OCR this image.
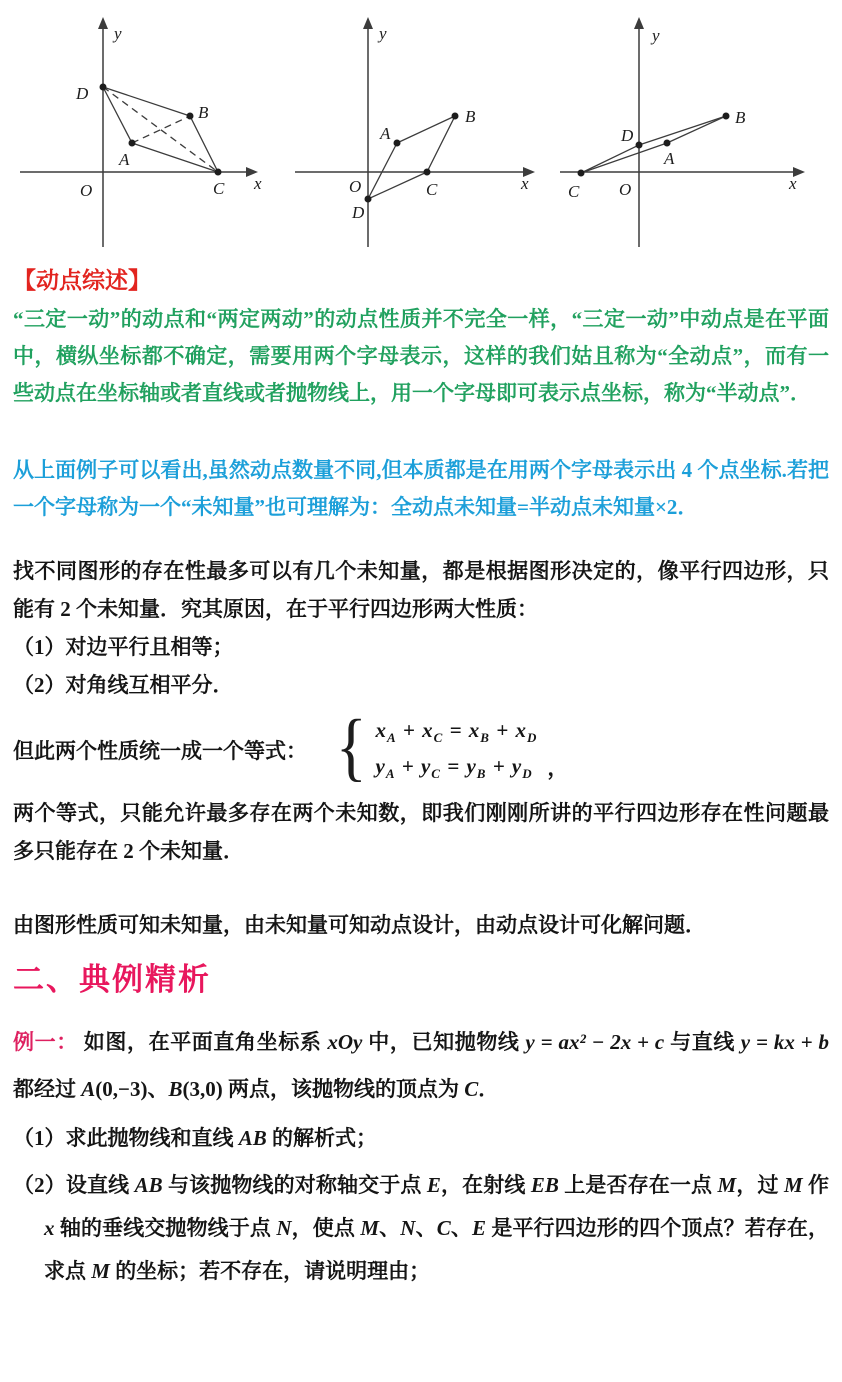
y
x
O
D
B
A
C
y
x
O
A
B
C
D
y
x
O
C
D
A
B

【动点综述】

“三定一动”的动点和“两定两动”的动点性质并不完全一样，“三定一动”中动点是在平面中，横纵坐标都不确定，需要用两个字母表示，这样的我们姑且称为“全动点”，而有一些动点在坐标轴或者直线或者抛物线上，用一个字母即可表示点坐标，称为“半动点”．

从上面例子可以看出,虽然动点数量不同,但本质都是在用两个字母表示出 4 个点坐标.若把一个字母称为一个“未知量”也可理解为：全动点未知量=半动点未知量×2．

找不同图形的存在性最多可以有几个未知量，都是根据图形决定的，像平行四边形，只能有 2 个未知量．究其原因，在于平行四边形两大性质：

（1）对边平行且相等；

（2）对角线互相平分．

但此两个性质统一成一个等式： { $x_A + x_C = x_B + x_D$
$y_A + y_C = y_B + y_D$ ，

两个等式，只能允许最多存在两个未知数，即我们刚刚所讲的平行四边形存在性问题最多只能存在 2 个未知量．

由图形性质可知未知量，由未知量可知动点设计，由动点设计可化解问题．

二、典例精析

例一： 如图，在平面直角坐标系 xOy 中，已知抛物线 y = ax² − 2x + c 与直线 y = kx + b 都经过 A(0,−3)、B(3,0) 两点，该抛物线的顶点为 C．

（1）求此抛物线和直线 AB 的解析式；

（2）设直线 AB 与该抛物线的对称轴交于点 E，在射线 EB 上是否存在一点 M，过 M 作 x 轴的垂线交抛物线于点 N，使点 M、N、C、E 是平行四边形的四个顶点？若存在，求点 M 的坐标；若不存在，请说明理由；
